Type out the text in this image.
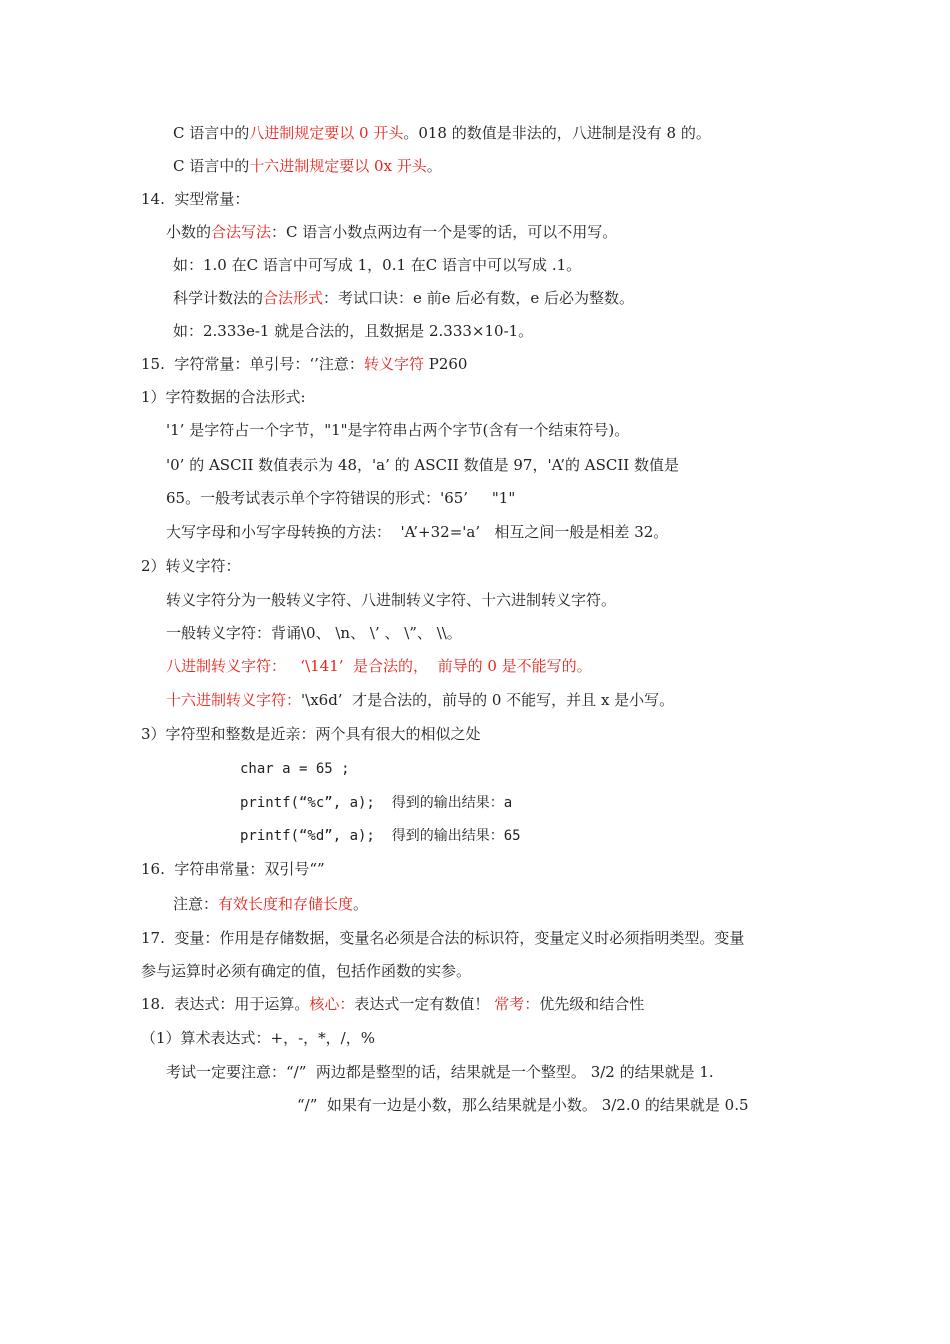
C 语言中的八进制规定要以 0 开头。018 的数值是非法的，八进制是没有 8 的。
C 语言中的十六进制规定要以 0x 开头。
14.  实型常量：
小数的合法写法：C 语言小数点两边有一个是零的话，可以不用写。
如：1.0 在C 语言中可写成 1，0.1 在C 语言中可以写成 .1。
科学计数法的合法形式：考试口诀：e 前e 后必有数，e 后必为整数。
如：2.333e-1 就是合法的，且数据是 2.333×10-1。
15.  字符常量：单引号：‘’注意：转义字符 P260
1）字符数据的合法形式:
'1’ 是字符占一个字节，"1"是字符串占两个字节(含有一个结束符号)。
'0’ 的 ASCII 数值表示为 48，'a’ 的 ASCII 数值是 97，'A’的 ASCII 数值是
65。一般考试表示单个字符错误的形式：'65’     "1"
大写字母和小写字母转换的方法：  'A’+32='a’   相互之间一般是相差 32。
2）转义字符：
转义字符分为一般转义字符、八进制转义字符、十六进制转义字符。
一般转义字符：背诵\0、 \n、 \’ 、 \”、 \\。
八进制转义字符：   ‘\141’  是合法的，  前导的 0 是不能写的。
十六进制转义字符：'\x6d’  才是合法的，前导的 0 不能写，并且 x 是小写。
3）字符型和整数是近亲：两个具有很大的相似之处
char a = 65 ;
printf(“%c”, a);  得到的输出结果：a
printf(“%d”, a);  得到的输出结果：65
16.  字符串常量：双引号“”
注意：有效长度和存储长度。
17.  变量：作用是存储数据，变量名必须是合法的标识符，变量定义时必须指明类型。变量
参与运算时必须有确定的值，包括作函数的实参。
18.  表达式：用于运算。核心：表达式一定有数值！ 常考：优先级和结合性
（1）算术表达式：+，-，*，/，%
考试一定要注意：“/”  两边都是整型的话，结果就是一个整型。 3/2 的结果就是 1.
“/”  如果有一边是小数，那么结果就是小数。 3/2.0 的结果就是 0.5
